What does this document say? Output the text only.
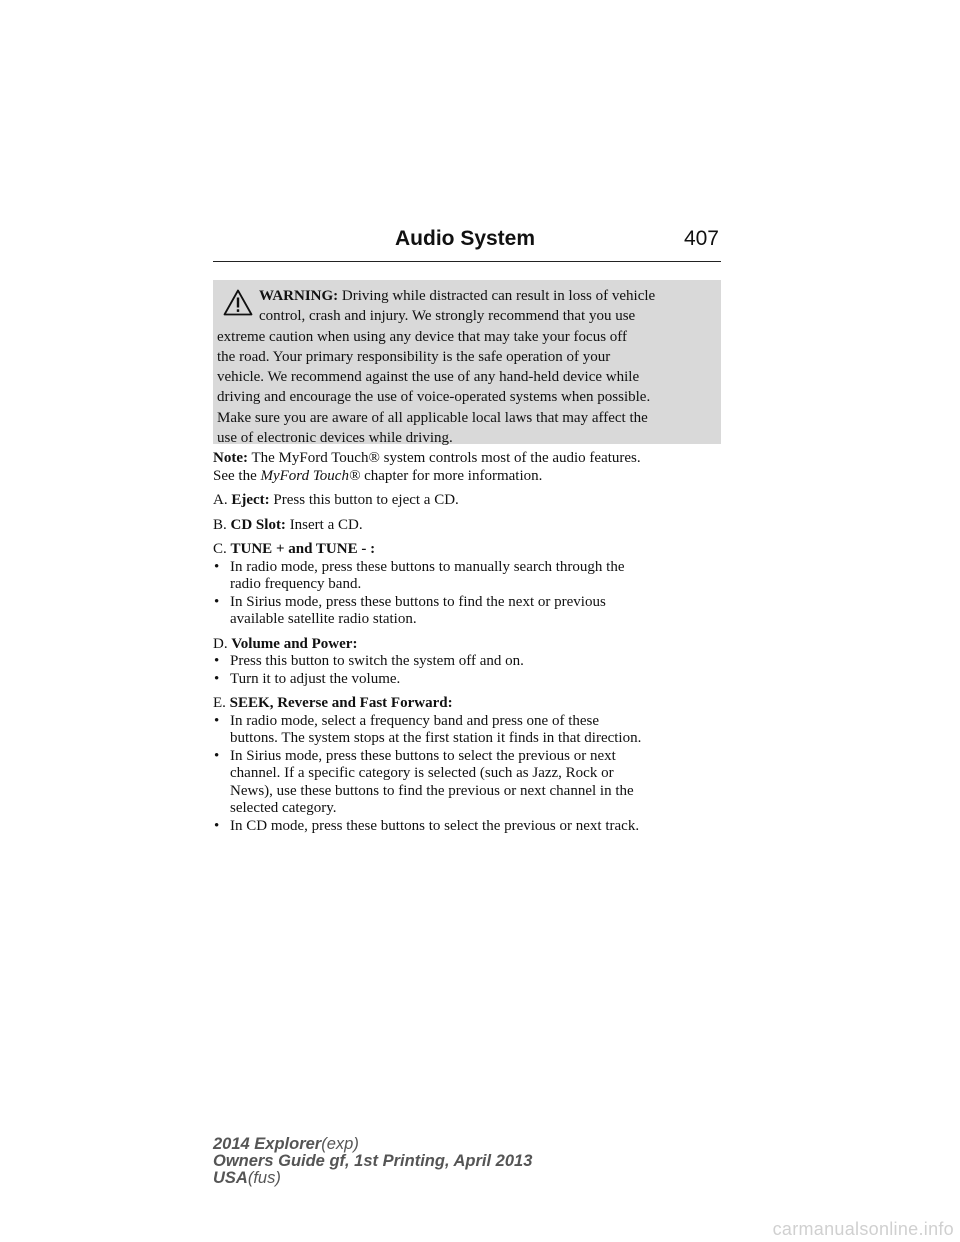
Audio System	407
WARNING: Driving while distracted can result in loss of vehicle
control, crash and injury. We strongly recommend that you use
extreme caution when using any device that may take your focus off
the road. Your primary responsibility is the safe operation of your
vehicle. We recommend against the use of any hand-held device while
driving and encourage the use of voice-operated systems when possible.
Make sure you are aware of all applicable local laws that may affect the
use of electronic devices while driving.
Note: The MyFord Touch® system controls most of the audio features.
See the MyFord Touch® chapter for more information.

A. Eject: Press this button to eject a CD.

B. CD Slot: Insert a CD.

C. TUNE + and TUNE - :

• In radio mode, press these buttons to manually search through the
radio frequency band.
• In Sirius mode, press these buttons to find the next or previous
available satellite radio station.

D. Volume and Power:

• Press this button to switch the system off and on.
• Turn it to adjust the volume.

E. SEEK, Reverse and Fast Forward:

• In radio mode, select a frequency band and press one of these
buttons. The system stops at the first station it finds in that direction.
• In Sirius mode, press these buttons to select the previous or next
channel. If a specific category is selected (such as Jazz, Rock or
News), use these buttons to find the previous or next channel in the
selected category.
• In CD mode, press these buttons to select the previous or next track.
2014 Explorer(exp)
Owners Guide gf, 1st Printing, April 2013
USA(fus)
carmanualsonline.info
